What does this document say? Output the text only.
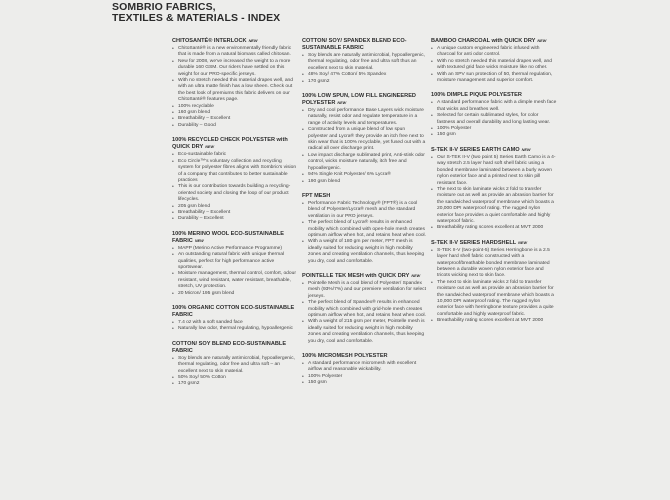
SOMBRIO FABRICS,
TEXTILES & MATERIALS - INDEX
CHITOSANTÉ® INTERLOCK $^{NEW}$
• ChitoSanté® is a new environmentally friendly fabric that is made from a natural biomass called chitosan.
• New for 2008, we've increased the weight to a more durable 160 GSM. Our riders have settled on this weight for our PRO-specific jerseys.
• With no stretch needed this material drapes well, and with an ultra matte finish has a low sheen. Check out the best look of premiums this fabric delivers on our ChitoSanté® features page.
• 100% recyclable
• 160 gsm blend
• Breathability – Excellent
• Durability – Good
100% RECYCLED CHECK POLYESTER with QUICK DRY $^{NEW}$
• Eco-sustainable fabric
• Eco Circle™'s voluntary collection and recycling system for polyester fibres aligns with Sombrio's vision of a company that contributes to better sustainable practices
• This is our contribution towards building a recycling-oriented society and closing the loop of our product lifecycles.
• 205 gsm blend
• Breathability – Excellent
• Durability – Excellent
100% MERINO WOOL ECO-SUSTAINABLE FABRIC $^{NEW}$
• MAPP (Merino Active Performance Programme)
• An outstanding natural fabric with unique thermal qualities, perfect for high performance active sportswear.
• Moisture management, thermal control, comfort, odour resistant, wind resistant, water resistant, breathable, stretch, UV protection.
• 20 Micron/ 195 gsm blend
100% ORGANIC COTTON ECO-SUSTAINABLE FABRIC
• 7.4 oz with a soft sanded face
• Naturally low odor, thermal regulating, hypoallergenic
COTTON/ SOY BLEND ECO-SUSTAINABLE FABRIC
• Soy blends are naturally antimicrobial, hypoallergenic, thermal regulating, odor free and ultra soft – an excellent next to skin material.
• 50% Soy/ 50% Cotton
• 170 gsm2
COTTON/ SOY/ SPANDEX BLEND ECO-SUSTAINABLE FABRIC
• Soy blends are naturally antimicrobial, hypoallergenic, thermal regulating, odor free and ultra soft thus an excellent next to skin material.
• 48% Soy/ 47% Cotton/ 5% Spandex
• 170 gsm2
100% LOW SPUN, LOW FILL ENGINEERED POLYESTER $^{NEW}$
• Dry and cool performance Base Layers wick moisture naturally, resist odor and regulate temperature in a range of activity levels and temperatures.
• Constructed from a unique blend of low spun polyester and Lycra® they provide an itch free next to skin wear that is 100% recyclable, yet fused out with a radical all over discharge print.
• Low impact discharge sublimated print, Anti-stink odor control, wicks moisture naturally, itch free and hypoallergenic.
• 94% Single Knit Polyester/ 6% Lycra®
• 190 gsm blend
FPT MESH
• Performance Fabric Technology® (FPT®) is a cool blend of Polyester/Lycra® mesh and the standard ventilation in our PRO jerseys.
• The perfect blend of Lycra® results in enhanced mobility which combined with open-hole mesh creates optimum airflow when hot, and retains heat when cool.
• With a weight of 180 gm per meter, FPT mesh is ideally suited for reducing weight in high mobility zones and creating ventilation channels, thus keeping you dry, cool and comfortable.
POINTELLE TEK MESH with QUICK DRY $^{NEW}$
• Pointelle Mesh is a cool blend of Polyester/ Spandex mesh (93%/7%) and our premiere ventilation for select jerseys.
• The perfect blend of Spandex® results in enhanced mobility which combined with grid-hole mesh creates optimum airflow when hot, and retains heat when cool.
• With a weight of 215 gsm per meter, Pointelle mesh is ideally suited for reducing weight in high mobility zones and creating ventilation channels, thus keeping you dry, cool and comfortable.
100% MICROMESH POLYESTER
• A standard performance micromesh with excellent airflow and reasonable wickability.
• 100% Polyester
• 150 gsm
BAMBOO CHARCOAL with QUICK DRY $^{NEW}$
• A unique custom engineered fabric infused with charcoal for anti odor control.
• With no stretch needed this material drapes well, and with textured grid face wicks moisture like no other.
• With an SPV sun protection of 50, thermal regulation, moisture management and superior comfort.
100% DIMPLE PIQUE POLYESTER
• A standard performance fabric with a dimple mesh face that wicks and breathes well.
• Selected for certain sublimated styles, for color fastness and overall durability and long lasting wear.
• 100% Polyester
• 150 gsm
S-TEK II-V SERIES EARTH CAMO $^{NEW}$
• Our S-TEK II-V (two point 5) Series Earth Camo is a 4-way stretch 2.5 layer hard soft shell fabric using a bonded membrane laminated between a burly woven nylon exterior face and a printed next to skin pill resistant face.
• The next to skin laminate wicks 2 fold to transfer moisture out as well as provide an abrasion barrier for the sandwiched waterproof membrane which boasts a 20,000 DPI waterproof rating. The rugged nylon exterior face provides a quiet comfortable and highly waterproof fabric.
• Breathability rating scores excellent at MVT 2000
S-TEK II-V SERIES HARDSHELL $^{NEW}$
• S-TEK II-V (two-point-5) Series Herringbone is a 2.5 layer hard shell fabric constructed with a waterproof/breathable bonded membrane laminated between a durable woven nylon exterior face and tricots wicking next to skin face.
• The next to skin laminate wicks 2 fold to transfer moisture out as well as provide an abrasion barrier for the sandwiched waterproof membrane which boasts a 10,000 DPI waterproof rating. The rugged nylon exterior face with herringbone texture provides a quite comfortable and highly waterproof fabric.
• Breathability rating scores excellent at MVT 2000
